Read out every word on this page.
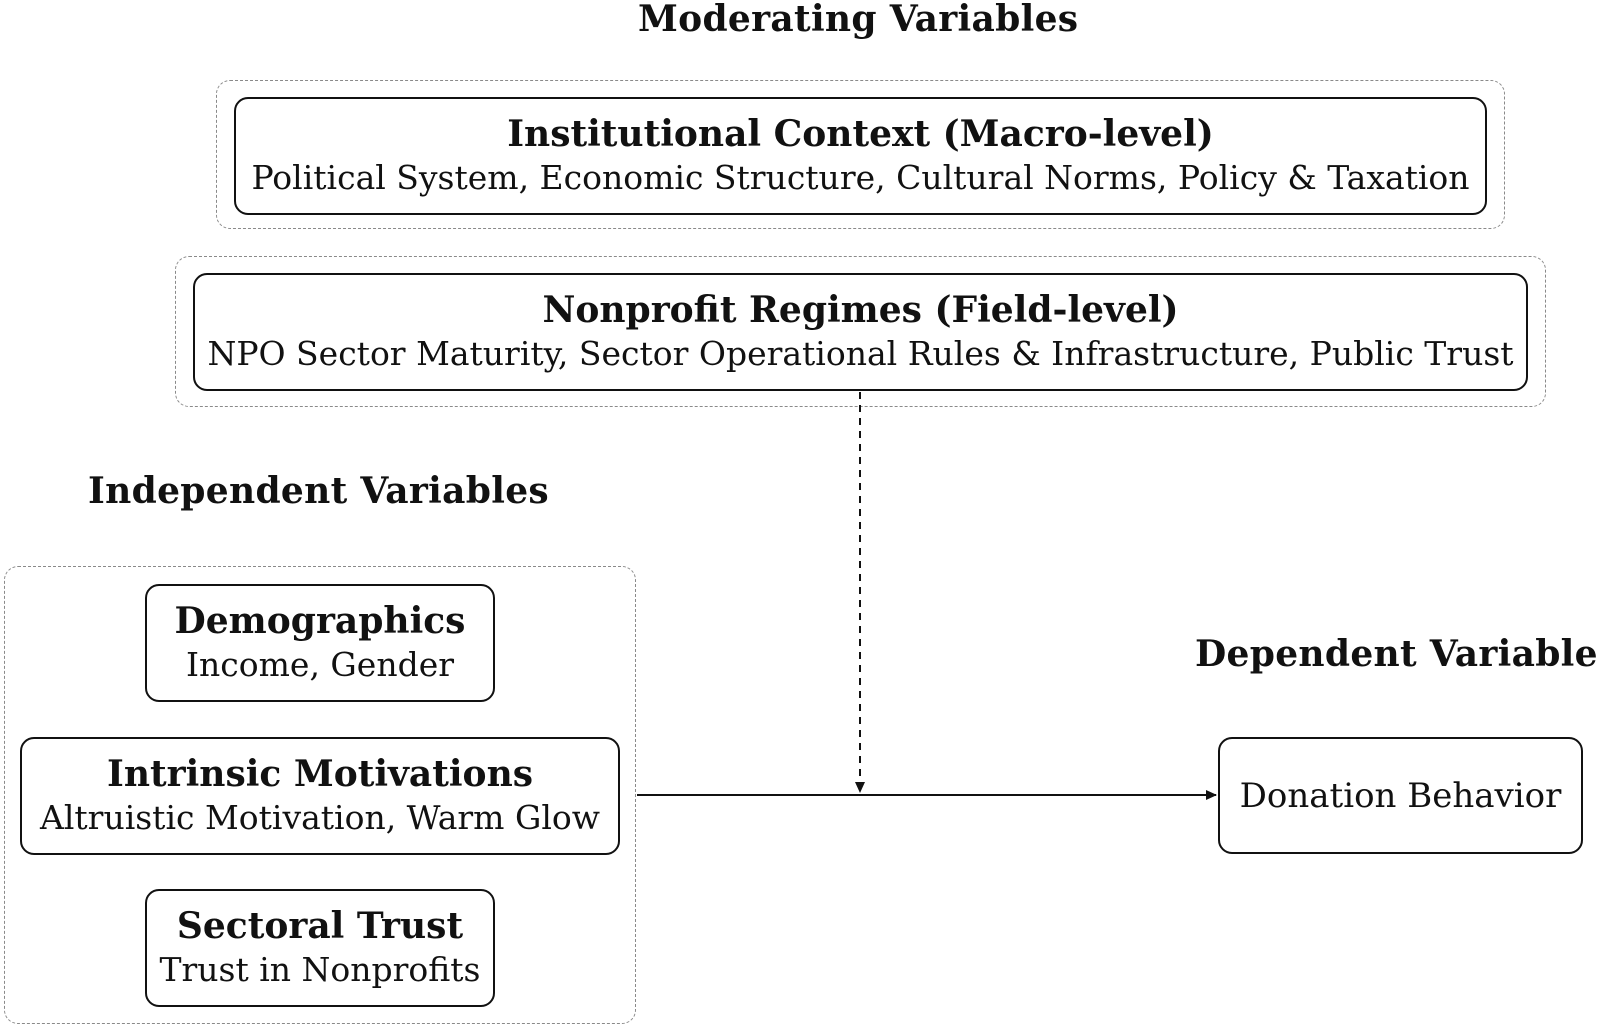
Moderating Variables
Independent Variables
Dependent Variable
Institutional Context (Macro-level)
Political System, Economic Structure, Cultural Norms, Policy & Taxation
Nonprofit Regimes (Field-level)
NPO Sector Maturity, Sector Operational Rules & Infrastructure, Public Trust
Demographics
Income, Gender
Intrinsic Motivations
Altruistic Motivation, Warm Glow
Sectoral Trust
Trust in Nonprofits
Donation Behavior
